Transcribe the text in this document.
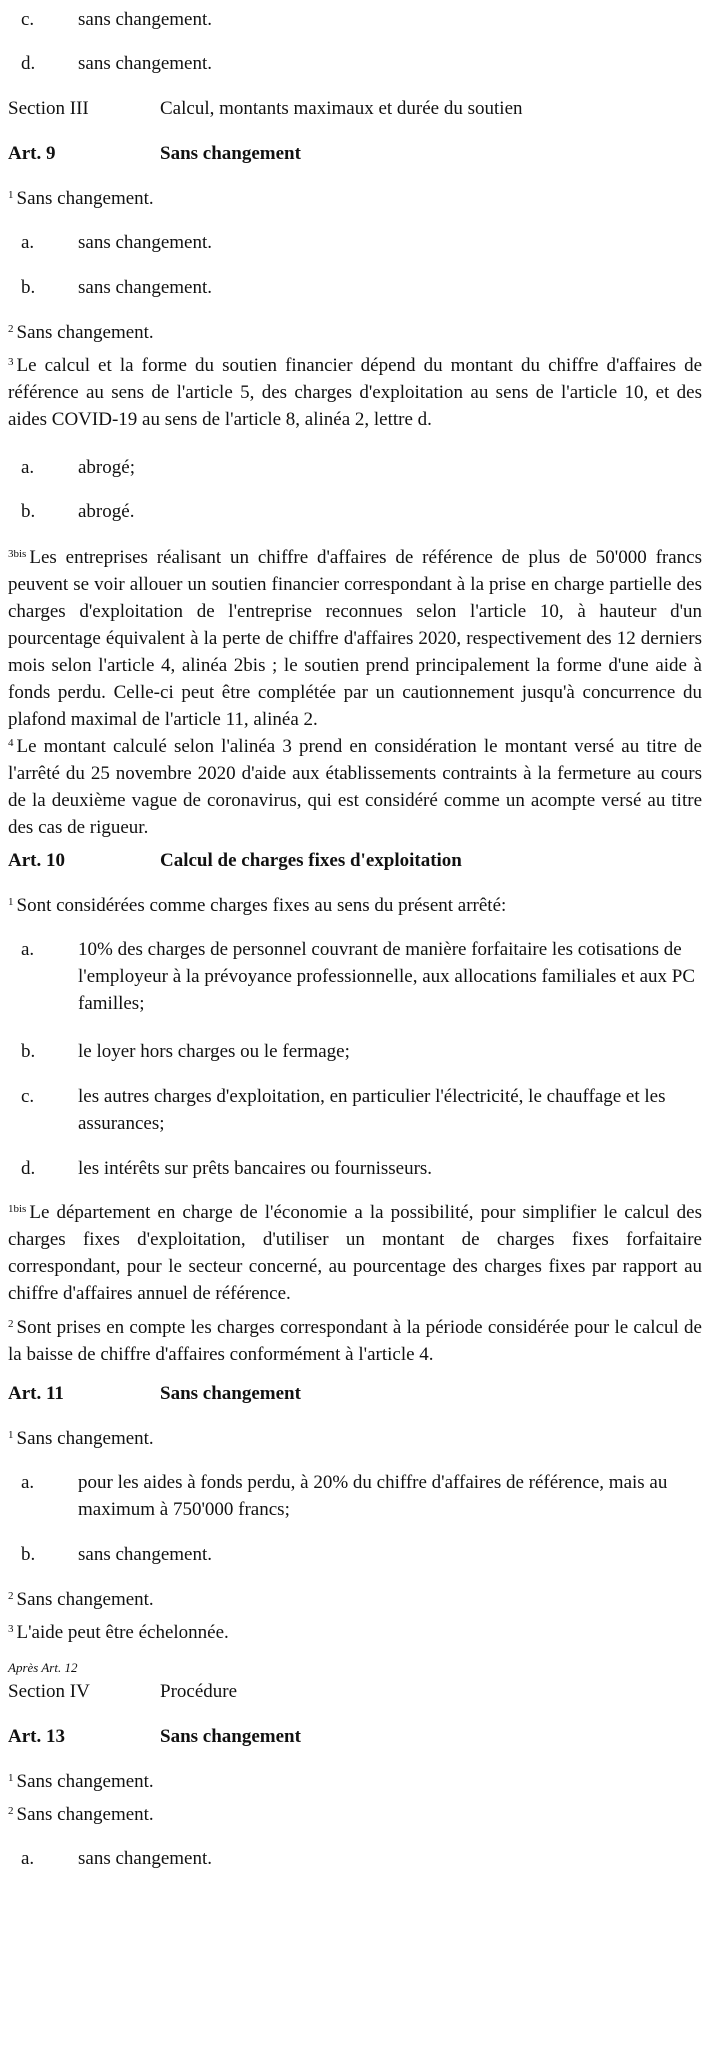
c. sans changement.
d. sans changement.
Section III	Calcul, montants maximaux et durée du soutien
Art. 9	Sans changement
$^1$ Sans changement.
a. sans changement.
b. sans changement.
$^2$ Sans changement.
$^3$ Le calcul et la forme du soutien financier dépend du montant du chiffre d'affaires de référence au sens de l'article 5, des charges d'exploitation au sens de l'article 10, et des aides COVID-19 au sens de l'article 8, alinéa 2, lettre d.
a. abrogé;
b. abrogé.
$^{3bis}$ Les entreprises réalisant un chiffre d'affaires de référence de plus de 50'000 francs peuvent se voir allouer un soutien financier correspondant à la prise en charge partielle des charges d'exploitation de l'entreprise reconnues selon l'article 10, à hauteur d'un pourcentage équivalent à la perte de chiffre d'affaires 2020, respectivement des 12 derniers mois selon l'article 4, alinéa 2bis ; le soutien prend principalement la forme d'une aide à fonds perdu. Celle-ci peut être complétée par un cautionnement jusqu'à concurrence du plafond maximal de l'article 11, alinéa 2.
$^4$ Le montant calculé selon l'alinéa 3 prend en considération le montant versé au titre de l'arrêté du 25 novembre 2020 d'aide aux établissements contraints à la fermeture au cours de la deuxième vague de coronavirus, qui est considéré comme un acompte versé au titre des cas de rigueur.
Art. 10	Calcul de charges fixes d'exploitation
$^1$ Sont considérées comme charges fixes au sens du présent arrêté:
a. 10% des charges de personnel couvrant de manière forfaitaire les cotisations de l'employeur à la prévoyance professionnelle, aux allocations familiales et aux PC familles;
b. le loyer hors charges ou le fermage;
c. les autres charges d'exploitation, en particulier l'électricité, le chauffage et les assurances;
d. les intérêts sur prêts bancaires ou fournisseurs.
$^{1bis}$ Le département en charge de l'économie a la possibilité, pour simplifier le calcul des charges fixes d'exploitation, d'utiliser un montant de charges fixes forfaitaire correspondant, pour le secteur concerné, au pourcentage des charges fixes par rapport au chiffre d'affaires annuel de référence.
$^2$ Sont prises en compte les charges correspondant à la période considérée pour le calcul de la baisse de chiffre d'affaires conformément à l'article 4.
Art. 11	Sans changement
$^1$ Sans changement.
a. pour les aides à fonds perdu, à 20% du chiffre d'affaires de référence, mais au maximum à 750'000 francs;
b. sans changement.
$^2$ Sans changement.
$^3$ L'aide peut être échelonnée.
Après Art. 12
Section IV	Procédure
Art. 13	Sans changement
$^1$ Sans changement.
$^2$ Sans changement.
a. sans changement.
